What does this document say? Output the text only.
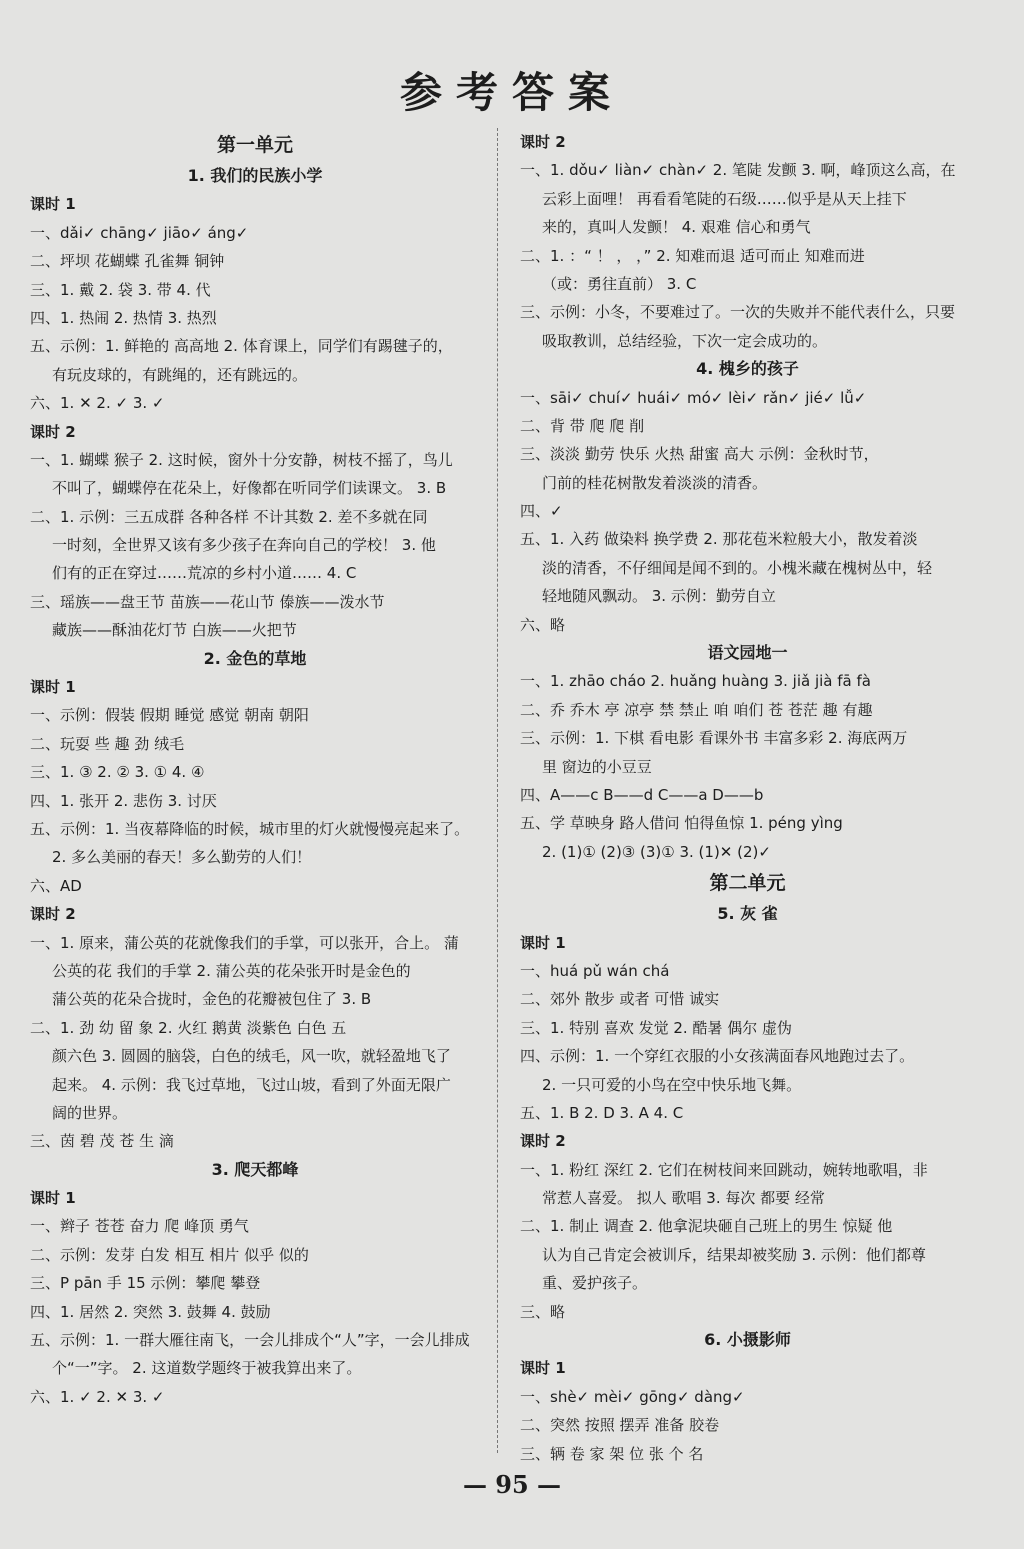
参考答案
第一单元
1. 我们的民族小学
课时 1
一、dǎi✓ chāng✓ jiāo✓ áng✓
二、坪坝 花蝴蝶 孔雀舞 铜钟
三、1. 戴 2. 袋 3. 带 4. 代
四、1. 热闹 2. 热情 3. 热烈
五、示例：1. 鲜艳的 高高地 2. 体育课上，同学们有踢毽子的，
有玩皮球的，有跳绳的，还有跳远的。
六、1. ✕ 2. ✓ 3. ✓
课时 2
一、1. 蝴蝶 猴子 2. 这时候，窗外十分安静，树枝不摇了，鸟儿
不叫了，蝴蝶停在花朵上，好像都在听同学们读课文。 3. B
二、1. 示例：三五成群 各种各样 不计其数 2. 差不多就在同
一时刻，全世界又该有多少孩子在奔向自己的学校！ 3. 他
们有的正在穿过……荒凉的乡村小道…… 4. C
三、瑶族——盘王节 苗族——花山节 傣族——泼水节
藏族——酥油花灯节 白族——火把节
2. 金色的草地
课时 1
一、示例：假装 假期 睡觉 感觉 朝南 朝阳
二、玩耍 些 趣 劲 绒毛
三、1. ③ 2. ② 3. ① 4. ④
四、1. 张开 2. 悲伤 3. 讨厌
五、示例：1. 当夜幕降临的时候，城市里的灯火就慢慢亮起来了。
2. 多么美丽的春天！多么勤劳的人们！
六、AD
课时 2
一、1. 原来，蒲公英的花就像我们的手掌，可以张开，合上。 蒲
公英的花 我们的手掌 2. 蒲公英的花朵张开时是金色的
蒲公英的花朵合拢时，金色的花瓣被包住了 3. B
二、1. 劲 幼 留 象 2. 火红 鹅黄 淡紫色 白色 五
颜六色 3. 圆圆的脑袋，白色的绒毛，风一吹，就轻盈地飞了
起来。 4. 示例：我飞过草地，飞过山坡，看到了外面无限广
阔的世界。
三、茵 碧 茂 苍 生 滴
3. 爬天都峰
课时 1
一、辫子 苍苍 奋力 爬 峰顶 勇气
二、示例：发芽 白发 相互 相片 似乎 似的
三、P pān 手 15 示例：攀爬 攀登
四、1. 居然 2. 突然 3. 鼓舞 4. 鼓励
五、示例：1. 一群大雁往南飞，一会儿排成个“人”字，一会儿排成
个“一”字。 2. 这道数学题终于被我算出来了。
六、1. ✓ 2. ✕ 3. ✓
课时 2
一、1. dǒu✓ liàn✓ chàn✓ 2. 笔陡 发颤 3. 啊，峰顶这么高，在
云彩上面哩！ 再看看笔陡的石级……似乎是从天上挂下
来的，真叫人发颤！ 4. 艰难 信心和勇气
二、1. ：“ ！ ， ，” 2. 知难而退 适可而止 知难而进
（或：勇往直前） 3. C
三、示例：小冬，不要难过了。一次的失败并不能代表什么，只要
吸取教训，总结经验，下次一定会成功的。
4. 槐乡的孩子
一、sāi✓ chuí✓ huái✓ mó✓ lèi✓ rǎn✓ jié✓ lǚ✓
二、背 带 爬 爬 削
三、淡淡 勤劳 快乐 火热 甜蜜 高大 示例：金秋时节，
门前的桂花树散发着淡淡的清香。
四、✓
五、1. 入药 做染料 换学费 2. 那花苞米粒般大小，散发着淡
淡的清香，不仔细闻是闻不到的。小槐米藏在槐树丛中，轻
轻地随风飘动。 3. 示例：勤劳自立
六、略
语文园地一
一、1. zhāo cháo 2. huǎng huàng 3. jiǎ jià fā fà
二、乔 乔木 亭 凉亭 禁 禁止 咱 咱们 苍 苍茫 趣 有趣
三、示例：1. 下棋 看电影 看课外书 丰富多彩 2. 海底两万
里 窗边的小豆豆
四、A——c B——d C——a D——b
五、学 草映身 路人借问 怕得鱼惊 1. péng yìng
2. (1)① (2)③ (3)① 3. (1)✕ (2)✓
第二单元
5. 灰 雀
课时 1
一、huá pǔ wán chá
二、郊外 散步 或者 可惜 诚实
三、1. 特别 喜欢 发觉 2. 酷暑 偶尔 虚伪
四、示例：1. 一个穿红衣服的小女孩满面春风地跑过去了。
2. 一只可爱的小鸟在空中快乐地飞舞。
五、1. B 2. D 3. A 4. C
课时 2
一、1. 粉红 深红 2. 它们在树枝间来回跳动，婉转地歌唱，非
常惹人喜爱。 拟人 歌唱 3. 每次 都要 经常
二、1. 制止 调查 2. 他拿泥块砸自己班上的男生 惊疑 他
认为自己肯定会被训斥，结果却被奖励 3. 示例：他们都尊
重、爱护孩子。
三、略
6. 小摄影师
课时 1
一、shè✓ mèi✓ gōng✓ dàng✓
二、突然 按照 摆弄 准备 胶卷
三、辆 卷 家 架 位 张 个 名
— 95 —
